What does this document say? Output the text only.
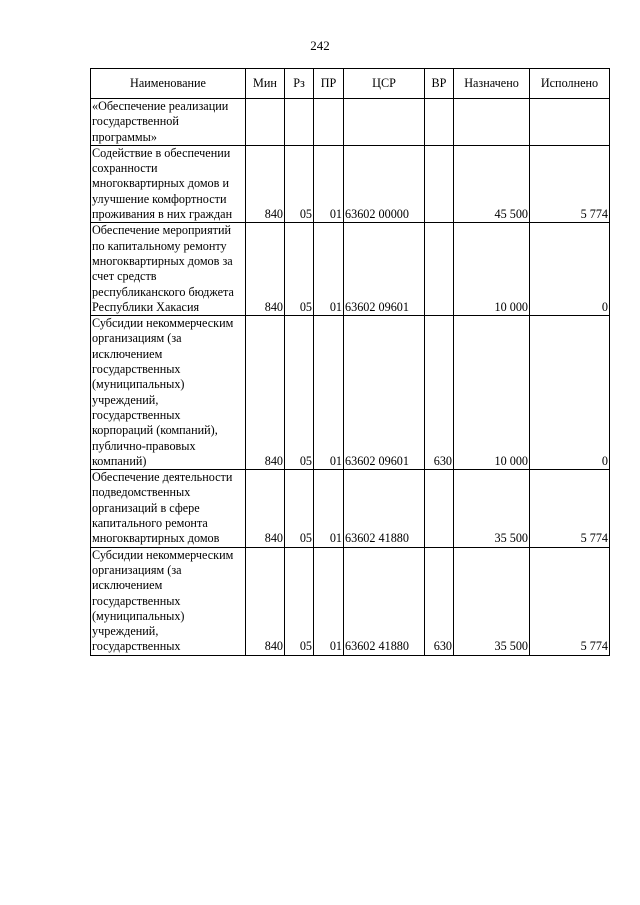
242
Наименование	Мин	Рз	ПР	ЦСР	ВР	Назначено	Исполнено
«Обеспечение реализации государственной программы»							
Содействие в обеспечении сохранности многоквартирных домов и улучшение комфортности проживания в них граждан	840	05	01	63602 00000		45 500	5 774
Обеспечение мероприятий по капитальному ремонту многоквартирных домов за счет средств республиканского бюджета Республики Хакасия	840	05	01	63602 09601		10 000	0
Субсидии некоммерческим организациям (за исключением государственных (муниципальных) учреждений, государственных корпораций (компаний), публично-правовых компаний)	840	05	01	63602 09601	630	10 000	0
Обеспечение деятельности подведомственных организаций в сфере капитального ремонта многоквартирных домов	840	05	01	63602 41880		35 500	5 774
Субсидии некоммерческим организациям (за исключением государственных (муниципальных) учреждений, государственных	840	05	01	63602 41880	630	35 500	5 774
